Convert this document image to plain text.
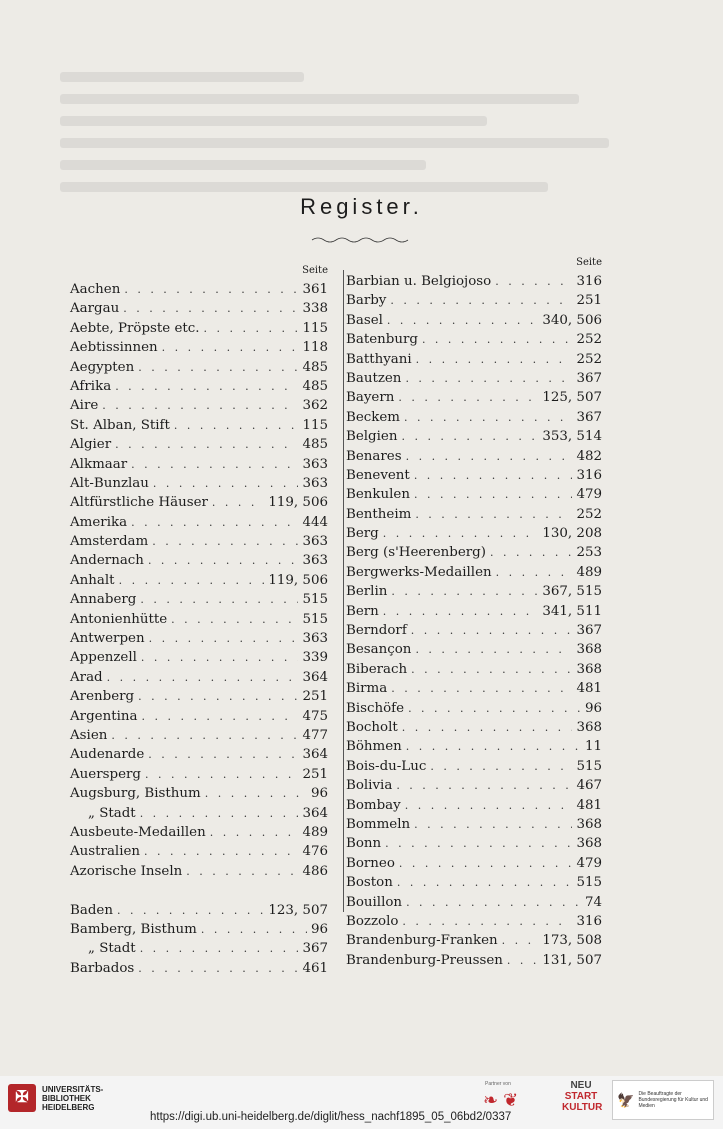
Register.
Seite
Aachen . . .	361
Aargau . . .	338
Aebte, Pröpste etc. . . .	115
Aebtissinnen . . .	118
Aegypten . . .	485
Afrika . . .	485
Aire . . .	362
St. Alban, Stift . . .	115
Algier . . .	485
Alkmaar . . .	363
Alt-Bunzlau . . .	363
Altfürstliche Häuser . . .	119, 506
Amerika . . .	444
Amsterdam . . .	363
Andernach . . .	363
Anhalt . . .	119, 506
Annaberg . . .	515
Antonienhütte . . .	515
Antwerpen . . .	363
Appenzell . . .	339
Arad . . .	364
Arenberg . . .	251
Argentina . . .	475
Asien . . .	477
Audenarde . . .	364
Auersperg . . .	251
Augsburg, Bisthum . . .	96
„ Stadt . . .	364
Ausbeute-Medaillen . . .	489
Australien . . .	476
Azorische Inseln . . .	486
Baden . . .	123, 507
Bamberg, Bisthum . . .	96
„ Stadt . . .	367
Barbados . . .	461
Seite
Barbian u. Belgiojoso . . .	316
Barby . . .	251
Basel . . .	340, 506
Batenburg . . .	252
Batthyani . . .	252
Bautzen . . .	367
Bayern . . .	125, 507
Beckem . . .	367
Belgien . . .	353, 514
Benares . . .	482
Benevent . . .	316
Benkulen . . .	479
Bentheim . . .	252
Berg . . .	130, 208
Berg (s'Heerenberg) . . .	253
Bergwerks-Medaillen . . .	489
Berlin . . .	367, 515
Bern . . .	341, 511
Berndorf . . .	367
Besançon . . .	368
Biberach . . .	368
Birma . . .	481
Bischöfe . . .	96
Bocholt . . .	368
Böhmen . . .	11
Bois-du-Luc . . .	515
Bolivia . . .	467
Bombay . . .	481
Bommeln . . .	368
Bonn . . .	368
Borneo . . .	479
Boston . . .	515
Bouillon . . .	74
Bozzolo . . .	316
Brandenburg-Franken . . .	173, 508
Brandenburg-Preussen . . .	131, 507
✠	UNIVERSITÄTS-
BIBLIOTHEK
HEIDELBERG
https://digi.ub.uni-heidelberg.de/diglit/hess_nachf1895_05_06bd2/0337
Partner von
❧ ❦
NEU
START
KULTUR 🦅 Die Beauftragte der Bundesregierung für Kultur und Medien
